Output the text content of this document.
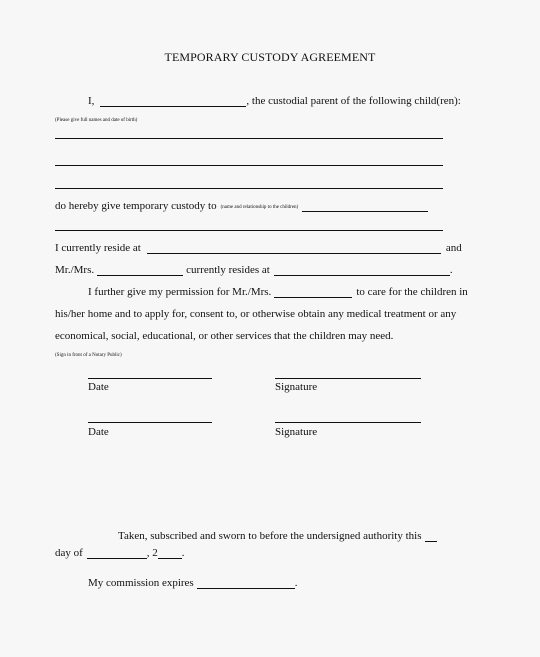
TEMPORARY CUSTODY AGREEMENT
I,	, the custodial parent of the following child(ren):
(Please give full names and date of birth)
do hereby give temporary custody to (name and relationship to the children)
I currently reside at	and
Mr./Mrs.	currently resides at	.
I further give my permission for Mr./Mrs.	to care for the children in
his/her home and to apply for, consent to, or otherwise obtain any medical treatment or any
economical, social, educational, or other services that the children may need.
(Sign in front of a Notary Public)
Date	Signature
Date	Signature
Taken, subscribed and sworn to before the undersigned authority this
day of	, 2 .
My commission expires	.
